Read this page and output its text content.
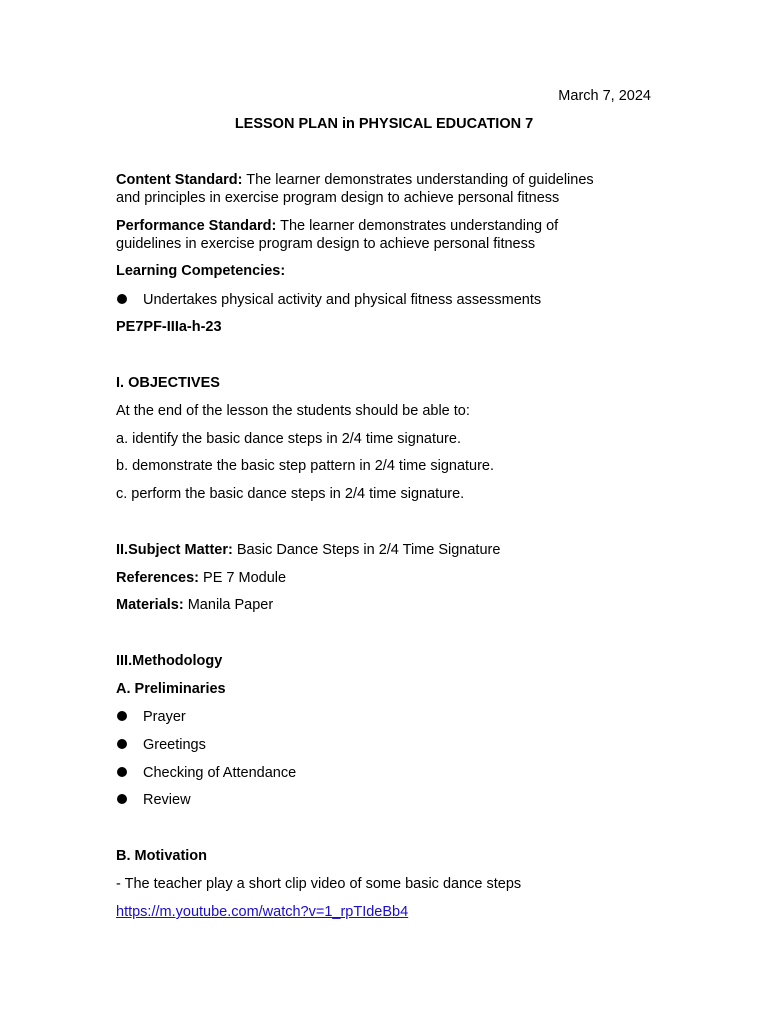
March 7, 2024
LESSON PLAN in PHYSICAL EDUCATION 7
Content Standard: The learner demonstrates understanding of guidelines
and principles in exercise program design to achieve personal fitness
Performance Standard: The learner demonstrates understanding of
guidelines in exercise program design to achieve personal fitness
Learning Competencies:
Undertakes physical activity and physical fitness assessments
PE7PF-IIIa-h-23
I. OBJECTIVES
At the end of the lesson the students should be able to:
a. identify the basic dance steps in 2/4 time signature.
b. demonstrate the basic step pattern in 2/4 time signature.
c. perform the basic dance steps in 2/4 time signature.
II.Subject Matter: Basic Dance Steps in 2/4 Time Signature
References: PE 7 Module
Materials: Manila Paper
III.Methodology
A. Preliminaries
Prayer
Greetings
Checking of Attendance
Review
B. Motivation
- The teacher play a short clip video of some basic dance steps
https://m.youtube.com/watch?v=1_rpTIdeBb4
